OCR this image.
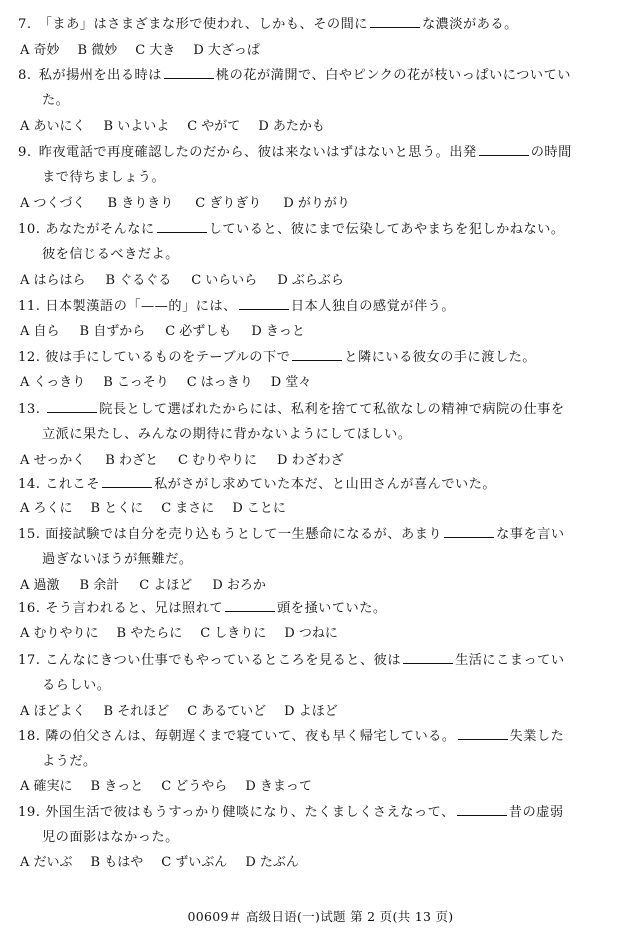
7. 「まあ」はさまざまな形で使われ、しかも、その間に	な濃淡がある。
A 奇妙 B 微妙 C 大き D 大ざっぱ
8. 私が揚州を出る時は	桃の花が満開で、白やピンクの花が枝いっぱいについてい
た。
A あいにく B いよいよ C やがて D あたかも
9. 昨夜電話で再度確認したのだから、彼は来ないはずはないと思う。出発	の時間
まで待ちましょう。
A つくづく B きりきり C ぎりぎり D がりがり
10. あなたがそんなに	していると、彼にまで伝染してあやまちを犯しかねない。
彼を信じるべきだよ。
A はらはら B ぐるぐる C いらいら D ぶらぶら
11. 日本製漢語の「——的」には、	日本人独自の感覚が伴う。
A 自ら B 自ずから C 必ずしも D きっと
12. 彼は手にしているものをテーブルの下で	と隣にいる彼女の手に渡した。
A くっきり B こっそり C はっきり D 堂々
13.	院長として選ばれたからには、私利を捨てて私欲なしの精神で病院の仕事を
立派に果たし、みんなの期待に背かないようにしてほしい。
A せっかく B わざと C むりやりに D わざわざ
14. これこそ	私がさがし求めていた本だ、と山田さんが喜んでいた。
A ろくに B とくに C まさに D ことに
15. 面接試験では自分を売り込もうとして一生懸命になるが、あまり	な事を言い
過ぎないほうが無難だ。
A 過激 B 余計 C よほど D おろか
16. そう言われると、兄は照れて	頭を掻いていた。
A むりやりに B やたらに C しきりに D つねに
17. こんなにきつい仕事でもやっているところを見ると、彼は	生活にこまってい
るらしい。
A ほどよく B それほど C あるていど D よほど
18. 隣の伯父さんは、毎朝遅くまで寝ていて、夜も早く帰宅している。	失業した
ようだ。
A 確実に B きっと C どうやら D きまって
19. 外国生活で彼はもうすっかり健啖になり、たくましくさえなって、	昔の虚弱
児の面影はなかった。
A だいぶ B もはや C ずいぶん D たぶん
00609＃ 高级日语(一)试题 第 2 页(共 13 页)
